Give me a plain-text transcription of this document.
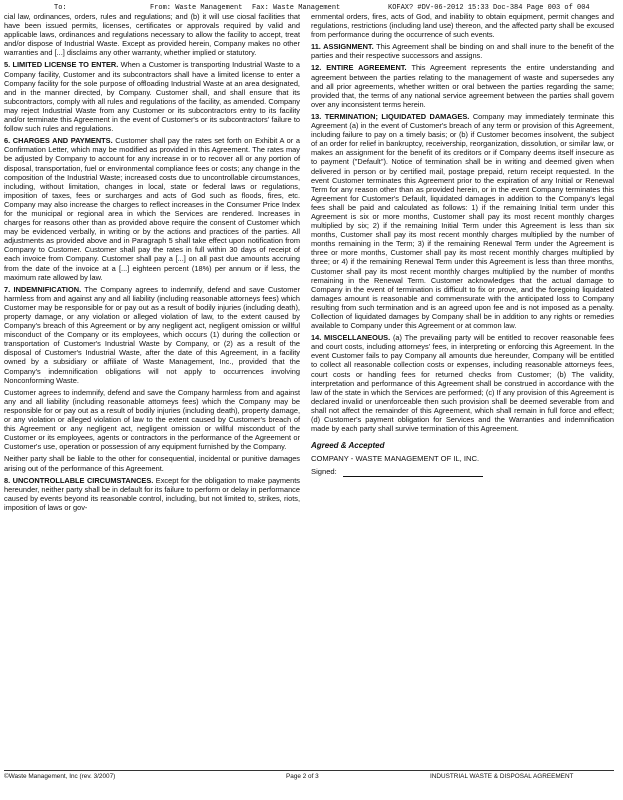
To:	From: Waste Management Fax: Waste Management	KOFAX? #DV-06-2012 15:33 Doc-384 Page 003 of 004

cial law, ordinances, orders, rules and regulations; and (b) it will use ciosal facilities that have been issued permits, licenses, certificates or approvals required by valid and applicable laws, ordinances and regulations necessary to allow the facility to accept, treat and/or dispose of Industrial Waste. Except as provided herein, Company makes no other warranties and [...] disclaims any other warranty, whether implied or statutory.

5. LIMITED LICENSE TO ENTER. When a Customer is transporting Industrial Waste to a Company facility, Customer and its subcontractors shall have a limited license to enter a Company facility for the sole purpose of offloading Industrial Waste at an area designated, and in the manner directed, by Company. Customer shall, and shall ensure that its subcontractors, comply with all rules and regulations of the facility, as amended. Company may reject Industrial Waste from any Customer or its subcontractors entry to its facility and/or terminate this Agreement in the event of Customer's or its subcontractors' failure to follow such rules and regulations.

6. CHARGES AND PAYMENTS. Customer shall pay the rates set forth on Exhibit A or a Confirmation Letter, which may be modified as provided in this Agreement. The rates may be adjusted by Company to account for any increase in or to recover all or any portion of disposal, transportation, fuel or environmental compliance fees or costs; any change in the composition of the Industrial Waste; increased costs due to uncontrollable circumstances, including, without limitation, changes in local, state or federal laws or regulations, imposition of taxes, fees or surcharges and acts of God such as floods, fires, etc. Company may also increase the charges to reflect increases in the Consumer Price Index for the municipal or regional area in which the Services are rendered. Increases in charges for reasons other than as provided above require the consent of Customer which may be evidenced verbally, in writing or by the actions and practices of the parties. All adjustments as provided above and in Paragraph 5 shall take effect upon notification from Company to Customer. Customer shall pay the rates in full within 30 days of receipt of each invoice from Company. Customer shall pay a [...] on all past due amounts accruing from the date of the invoice at a [...] eighteen percent (18%) per annum or if less, the maximum rate allowed by law.

7. INDEMNIFICATION. The Company agrees to indemnify, defend and save Customer harmless from and against any and all liability (including reasonable attorneys fees) which Customer may be responsible for or pay out as a result of bodily injuries (including death), property damage, or any violation or alleged violation of law, to the extent caused by Company's breach of this Agreement or by any negligent act, negligent omission or willful misconduct of the Company or its employees, which occurs (1) during the collection or transportation of Customer's Industrial Waste by Company, or (2) as a result of the disposal of Customer's Industrial Waste, after the date of this Agreement, in a facility owned by a subsidiary or affiliate of Waste Management, Inc., provided that the Company's indemnification obligations will not apply to occurrences involving Nonconforming Waste.

Customer agrees to indemnify, defend and save the Company harmless from and against any and all liability (including reasonable attorneys fees) which the Company may be responsible for or pay out as a result of bodily injuries (including death), property damage, or any violation or alleged violation of law to the extent caused by Customer's breach of this Agreement or any negligent act, negligent omission or willful misconduct of the Customer or its employees, agents or contractors in the performance of the Agreement or Customer's use, operation or possession of any equipment furnished by the Company.

Neither party shall be liable to the other for consequential, incidental or punitive damages arising out of the performance of this Agreement.

8. UNCONTROLLABLE CIRCUMSTANCES. Except for the obligation to make payments hereunder, neither party shall be in default for its failure to perform or delay in performance caused by events beyond its reasonable control, including, but not limited to, strikes, riots, imposition of laws or gov-

ernmental orders, fires, acts of God, and inability to obtain equipment, permit changes and regulations, restrictions (including land use) thereon, and the affected party shall be excused from performance during the occurrence of such events.

11. ASSIGNMENT. This Agreement shall be binding on and shall inure to the benefit of the parties and their respective successors and assigns.

12. ENTIRE AGREEMENT. This Agreement represents the entire understanding and agreement between the parties relating to the management of waste and supersedes any and all prior agreements, whether written or oral between the parties regarding the same; provided that, the terms of any national service agreement between the parties shall govern over any inconsistent terms herein.

13. TERMINATION; LIQUIDATED DAMAGES. Company may immediately terminate this Agreement (a) in the event of Customer's breach of any term or provision of this Agreement, including failure to pay on a timely basis; or (b) if Customer becomes insolvent, the subject of an order for relief in bankruptcy, receivership, reorganization, dissolution, or similar law, or makes an assignment for the benefit of its creditors or if Company deems itself insecure as to payment ("Default"). Notice of termination shall be in writing and deemed given when delivered in person or by certified mail, postage prepaid, return receipt requested. In the event Customer terminates this Agreement prior to the expiration of any Initial or Renewal Term for any reason other than as provided herein, or in the event Company terminates this Agreement for Customer's Default, liquidated damages in addition to the Company's legal fees shall be paid and calculated as follows: 1) if the remaining Initial term under this Agreement is six or more months, Customer shall pay its most recent monthly charges multiplied by six; 2) if the remaining Initial Term under this Agreement is less than six months, Customer shall pay its most recent monthly charges multiplied by the number of months remaining in the Term; 3) if the remaining Renewal Term under the Agreement is three or more months, Customer shall pay its most recent monthly charges multiplied by three; or 4) if the remaining Renewal Term under this Agreement is less than three months, Customer shall pay its most recent monthly charges multiplied by the number of months remaining in the Renewal Term. Customer acknowledges that the actual damage to Company in the event of termination is difficult to fix or prove, and the foregoing liquidated damages amount is reasonable and commensurate with the anticipated loss to Company resulting from such termination and is an agreed upon fee and is not imposed as a penalty. Collection of liquidated damages by Company shall be in addition to any rights or remedies available to Company under this Agreement or at common law.

14. MISCELLANEOUS. (a) The prevailing party will be entitled to recover reasonable fees and court costs, including attorneys' fees, in interpreting or enforcing this Agreement. In the event Customer fails to pay Company all amounts due hereunder, Company will be entitled to collect all reasonable collection costs or expenses, including reasonable attorneys fees, court costs or handling fees for returned checks from Customer; (b) The validity, interpretation and performance of this Agreement shall be construed in accordance with the law of the state in which the Services are performed; (c) If any provision of this Agreement is declared invalid or unenforceable then such provision shall be deemed severable from and shall not affect the remainder of this Agreement, which shall remain in full force and effect; (d) Customer's payment obligation for Services and the Warranties and indemnification made by each party shall survive termination of this Agreement.

Agreed & Accepted
COMPANY - WASTE MANAGEMENT OF IL, INC.
Signed:
©Waste Management, Inc (rev. 3/2007)	Page 2 of 3	INDUSTRIAL WASTE & DISPOSAL AGREEMENT
